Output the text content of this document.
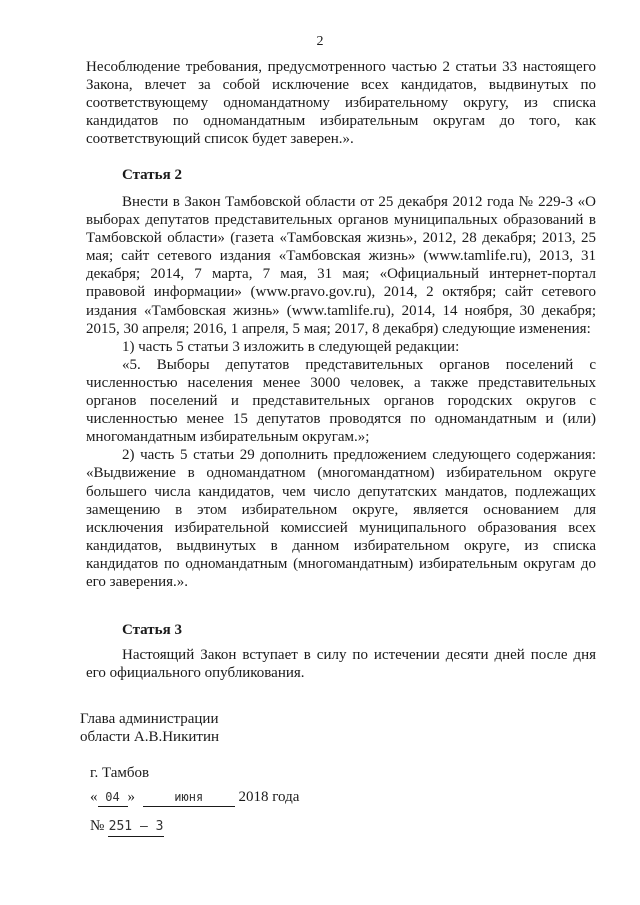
2

Несоблюдение требования, предусмотренного частью 2 статьи 33 настоящего Закона, влечет за собой исключение всех кандидатов, выдвинутых по соответствующему одномандатному избирательному округу, из списка кандидатов по одномандатным избирательным округам до того, как соответствующий список будет заверен.».

Статья 2

Внести в Закон Тамбовской области от 25 декабря 2012 года № 229-З «О выборах депутатов представительных органов муниципальных образований в Тамбовской области» (газета «Тамбовская жизнь», 2012, 28 декабря; 2013, 25 мая; сайт сетевого издания «Тамбовская жизнь» (www.tamlife.ru), 2013, 31 декабря; 2014, 7 марта, 7 мая, 31 мая; «Официальный интернет-портал правовой информации» (www.pravo.gov.ru), 2014, 2 октября; сайт сетевого издания «Тамбовская жизнь» (www.tamlife.ru), 2014, 14 ноября, 30 декабря; 2015, 30 апреля; 2016, 1 апреля, 5 мая; 2017, 8 декабря) следующие изменения:

1) часть 5 статьи 3 изложить в следующей редакции:

«5. Выборы депутатов представительных органов поселений с численностью населения менее 3000 человек, а также представительных органов поселений и представительных органов городских округов с численностью менее 15 депутатов проводятся по одномандатным и (или) многомандатным избирательным округам.»;

2) часть 5 статьи 29 дополнить предложением следующего содержания: «Выдвижение в одномандатном (многомандатном) избирательном округе большего числа кандидатов, чем число депутатских мандатов, подлежащих замещению в этом избирательном округе, является основанием для исключения избирательной комиссией муниципального образования всех кандидатов, выдвинутых в данном избирательном округе, из списка кандидатов по одномандатным (многомандатным) избирательным округам до его заверения.».

Статья 3

Настоящий Закон вступает в силу по истечении десяти дней после дня его официального опубликования.

Глава администрации
области А.В.Никитин
г. Тамбов
« 04 »	июня 2018 года
№ 251 – З
